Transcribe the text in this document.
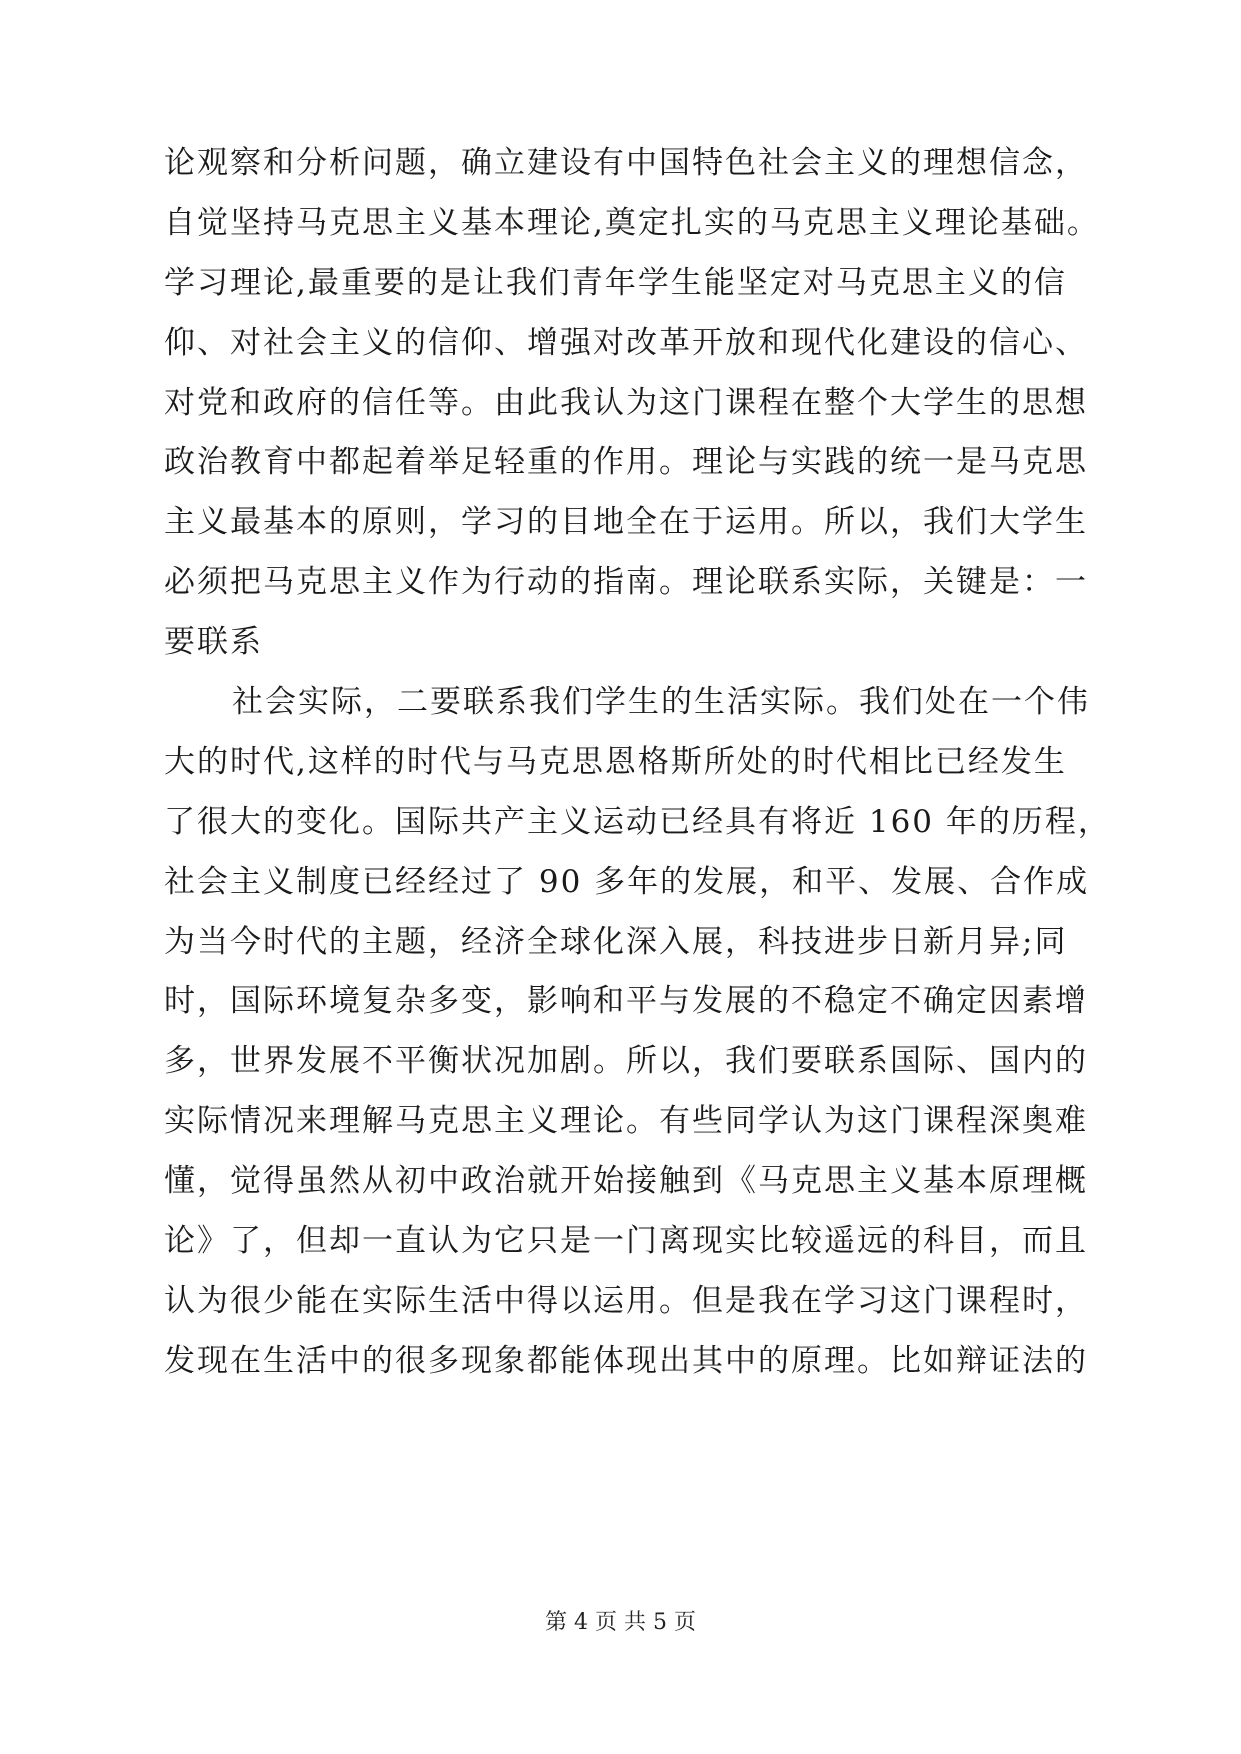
论观察和分析问题，确立建设有中国特色社会主义的理想信念，
自觉坚持马克思主义基本理论,奠定扎实的马克思主义理论基础。
学习理论,最重要的是让我们青年学生能坚定对马克思主义的信
仰、对社会主义的信仰、增强对改革开放和现代化建设的信心、
对党和政府的信任等。由此我认为这门课程在整个大学生的思想
政治教育中都起着举足轻重的作用。理论与实践的统一是马克思
主义最基本的原则，学习的目地全在于运用。所以，我们大学生
必须把马克思主义作为行动的指南。理论联系实际，关键是：一
要联系
社会实际，二要联系我们学生的生活实际。我们处在一个伟
大的时代,这样的时代与马克思恩格斯所处的时代相比已经发生
了很大的变化。国际共产主义运动已经具有将近 160 年的历程，
社会主义制度已经经过了 90 多年的发展，和平、发展、合作成
为当今时代的主题，经济全球化深入展，科技进步日新月异;同
时，国际环境复杂多变，影响和平与发展的不稳定不确定因素增
多，世界发展不平衡状况加剧。所以，我们要联系国际、国内的
实际情况来理解马克思主义理论。有些同学认为这门课程深奥难
懂，觉得虽然从初中政治就开始接触到《马克思主义基本原理概
论》了，但却一直认为它只是一门离现实比较遥远的科目，而且
认为很少能在实际生活中得以运用。但是我在学习这门课程时，
发现在生活中的很多现象都能体现出其中的原理。比如辩证法的
第 4 页 共 5 页
